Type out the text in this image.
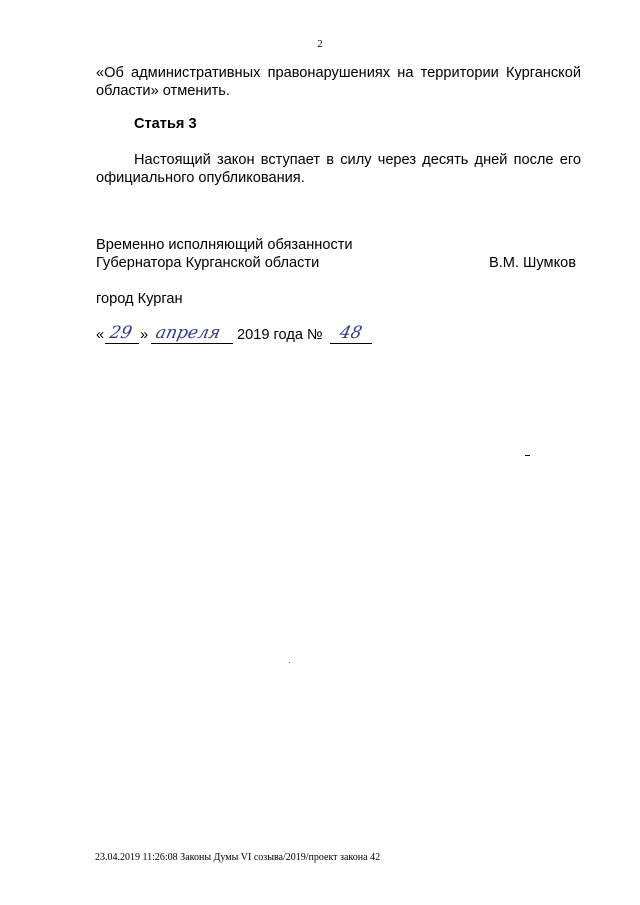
2
«Об административных правонарушениях на территории Курганской области» отменить.
Статья 3
Настоящий закон вступает в силу через десять дней после его официального опубликования.
Временно исполняющий обязанности
Губернатора Курганской области	В.М. Шумков
город Курган
« 29 » апреля 2019 года № 48
23.04.2019 11:26:08 Законы Думы VI созыва/2019/проект закона 42
